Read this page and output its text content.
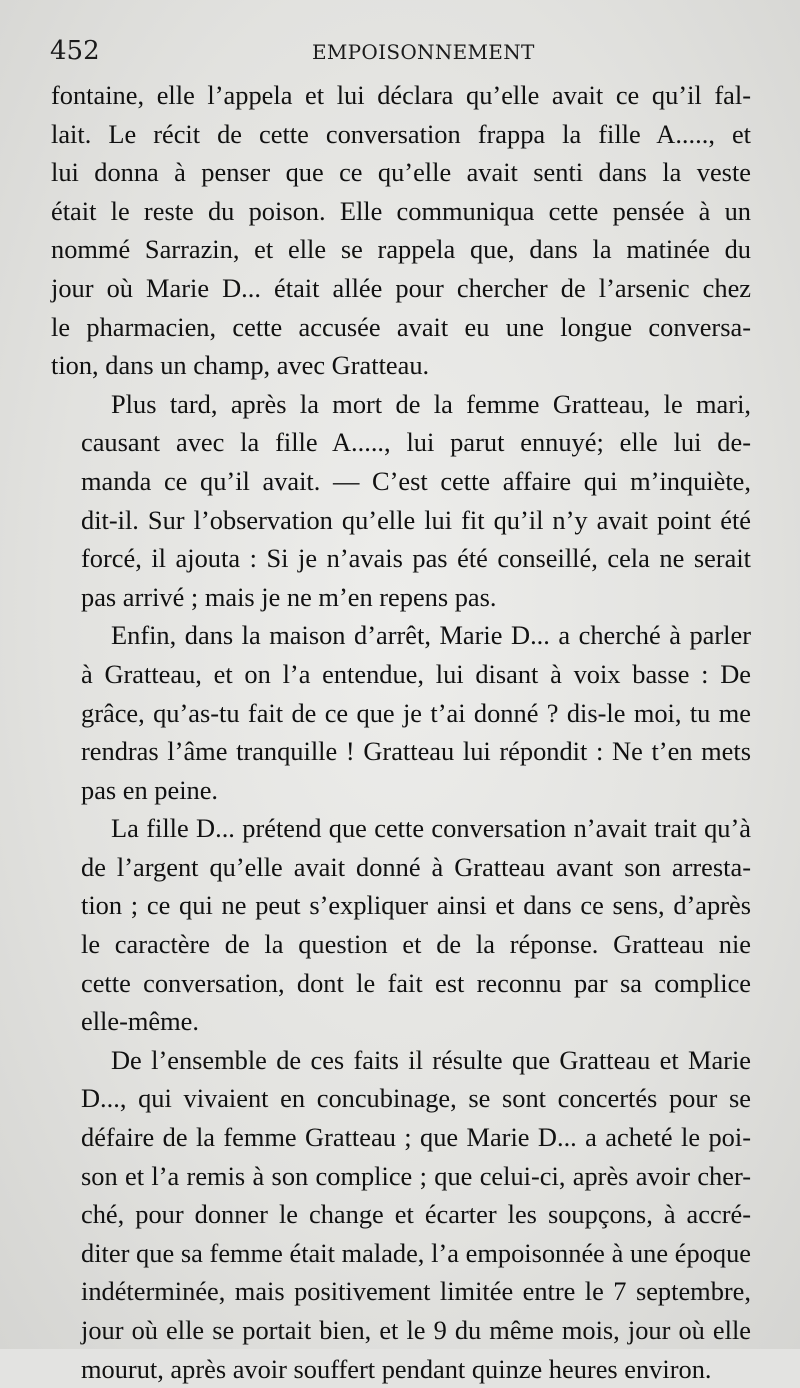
452	EMPOISONNEMENT
fontaine, elle l’appela et lui déclara qu’elle avait ce qu’il fal-
lait. Le récit de cette conversation frappa la fille A....., et
lui donna à penser que ce qu’elle avait senti dans la veste
était le reste du poison. Elle communiqua cette pensée à un
nommé Sarrazin, et elle se rappela que, dans la matinée du
jour où Marie D... était allée pour chercher de l’arsenic chez
le pharmacien, cette accusée avait eu une longue conversa-
tion, dans un champ, avec Gratteau.
Plus tard, après la mort de la femme Gratteau, le mari,
causant avec la fille A....., lui parut ennuyé; elle lui de-
manda ce qu’il avait. — C’est cette affaire qui m’inquiète,
dit-il. Sur l’observation qu’elle lui fit qu’il n’y avait point été
forcé, il ajouta : Si je n’avais pas été conseillé, cela ne serait
pas arrivé ; mais je ne m’en repens pas.
Enfin, dans la maison d’arrêt, Marie D... a cherché à parler
à Gratteau, et on l’a entendue, lui disant à voix basse : De
grâce, qu’as-tu fait de ce que je t’ai donné ? dis-le moi, tu me
rendras l’âme tranquille ! Gratteau lui répondit : Ne t’en mets
pas en peine.
La fille D... prétend que cette conversation n’avait trait qu’à
de l’argent qu’elle avait donné à Gratteau avant son arresta-
tion ; ce qui ne peut s’expliquer ainsi et dans ce sens, d’après
le caractère de la question et de la réponse. Gratteau nie
cette conversation, dont le fait est reconnu par sa complice
elle-même.
De l’ensemble de ces faits il résulte que Gratteau et Marie
D..., qui vivaient en concubinage, se sont concertés pour se
défaire de la femme Gratteau ; que Marie D... a acheté le poi-
son et l’a remis à son complice ; que celui-ci, après avoir cher-
ché, pour donner le change et écarter les soupçons, à accré-
diter que sa femme était malade, l’a empoisonnée à une époque
indéterminée, mais positivement limitée entre le 7 septembre,
jour où elle se portait bien, et le 9 du même mois, jour où elle
mourut, après avoir souffert pendant quinze heures environ.
